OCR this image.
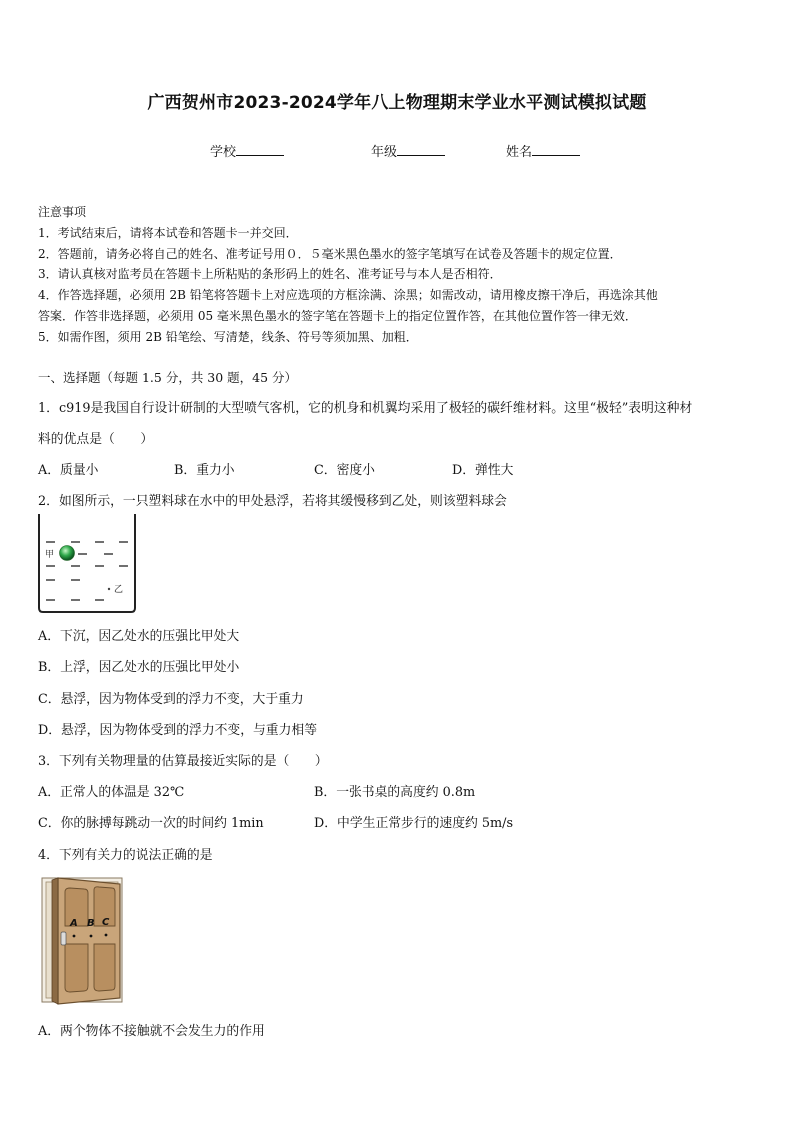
广西贺州市2023-2024学年八上物理期末学业水平测试模拟试题
学校	年级	姓名
注意事项
1．考试结束后，请将本试卷和答题卡一并交回．
2．答题前，请务必将自己的姓名、准考证号用０．５毫米黑色墨水的签字笔填写在试卷及答题卡的规定位置．
3．请认真核对监考员在答题卡上所粘贴的条形码上的姓名、准考证号与本人是否相符．
4．作答选择题，必须用 2B 铅笔将答题卡上对应选项的方框涂满、涂黑；如需改动，请用橡皮擦干净后，再选涂其他
答案．作答非选择题，必须用 05 毫米黑色墨水的签字笔在答题卡上的指定位置作答，在其他位置作答一律无效．
5．如需作图，须用 2B 铅笔绘、写清楚，线条、符号等须加黑、加粗．
一、选择题（每题 1.5 分，共 30 题，45 分）
1．c919是我国自行设计研制的大型喷气客机，它的机身和机翼均采用了极轻的碳纤维材料。这里“极轻”表明这种材
料的优点是（　　）
A．质量小	B．重力小	C．密度小	D．弹性大
2．如图所示，一只塑料球在水中的甲处悬浮，若将其缓慢移到乙处，则该塑料球会
甲
乙
A．下沉，因乙处水的压强比甲处大
B．上浮，因乙处水的压强比甲处小
C．悬浮，因为物体受到的浮力不变，大于重力
D．悬浮，因为物体受到的浮力不变，与重力相等
3．下列有关物理量的估算最接近实际的是（　　）
A．正常人的体温是 32℃	B．一张书桌的高度约 0.8m
C．你的脉搏每跳动一次的时间约 1min	D．中学生正常步行的速度约 5m/s
4．下列有关力的说法正确的是
A B C
A．两个物体不接触就不会发生力的作用
